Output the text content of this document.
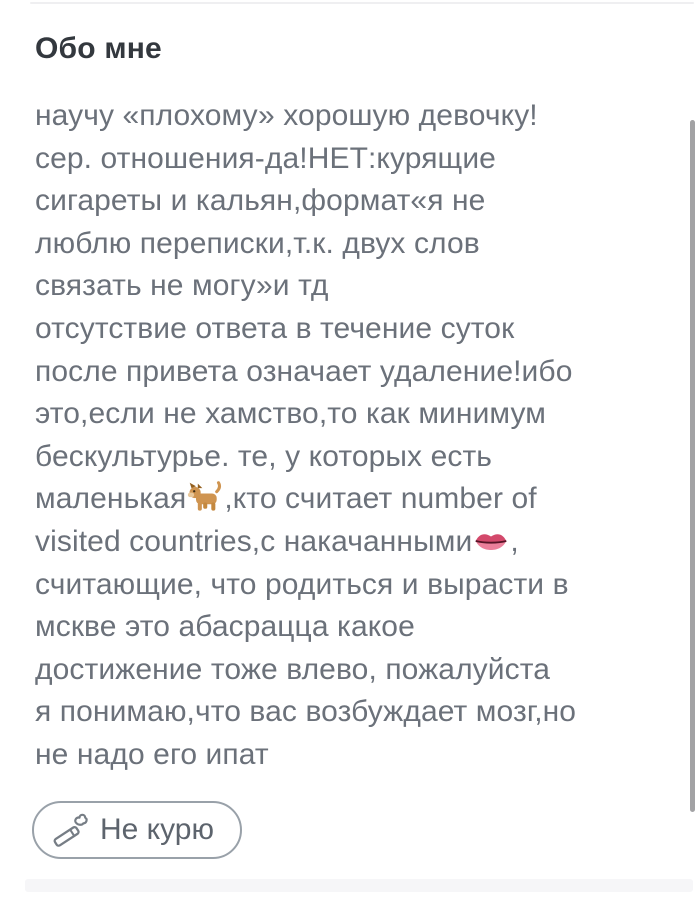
Обо мне
научу «плохому» хорошую девочку!
сер. отношения-да!НЕТ:курящие
сигареты и кальян,формат«я не
люблю переписки,т.к. двух слов
связать не могу»и тд
отсутствие ответа в течение суток
после привета означает удаление!ибо
это,если не хамство,то как минимум
бескультурье. те, у которых есть
маленькая ,кто считает number of
visited countries,с накачанными ,
считающие, что родиться и вырасти в
мскве это абасрацца какое
достижение тоже влево, пожалуйста
я понимаю,что вас возбуждает мозг,но
не надо его ипат
Не курю
